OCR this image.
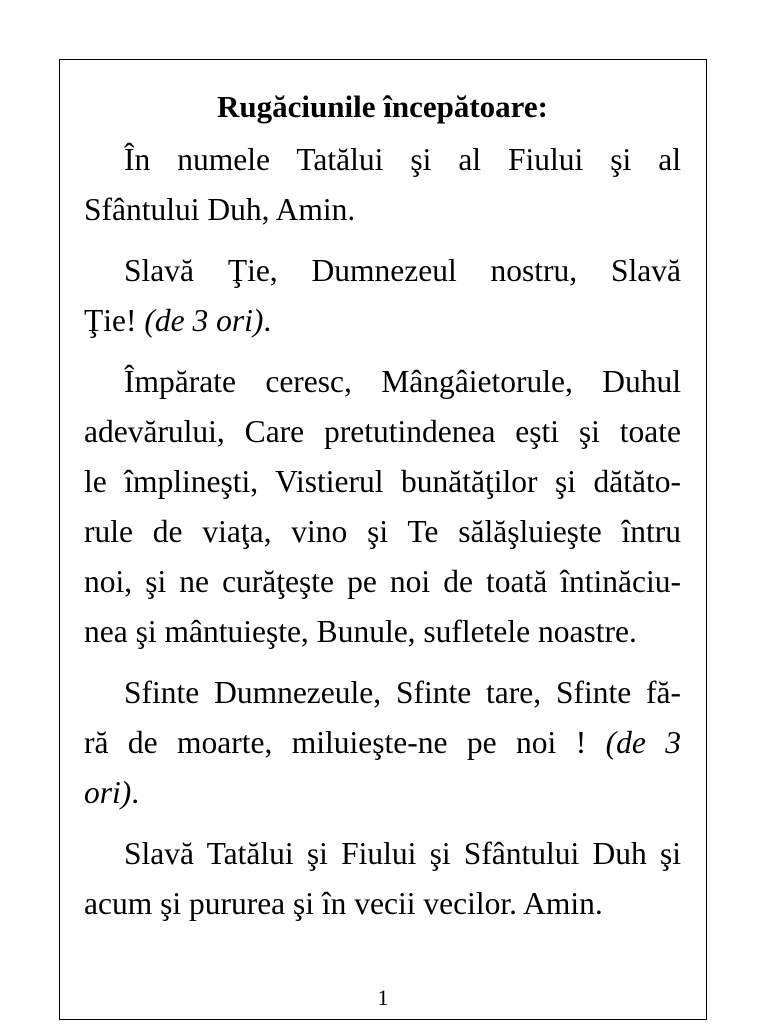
Rugăciunile începătoare:
În numele Tatălui şi al Fiului şi al
Sfântului Duh, Amin.
Slavă Ţie, Dumnezeul nostru, Slavă
Ţie! (de 3 ori).
Împărate ceresc, Mângâietorule, Duhul
adevărului, Care pretutindenea eşti şi toate
le împlineşti, Vistierul bunătăţilor şi dătăto-
rule de viaţa, vino şi Te sălăşluieşte întru
noi, şi ne curăţeşte pe noi de toată întinăciu-
nea şi mântuieşte, Bunule, sufletele noastre.
Sfinte Dumnezeule, Sfinte tare, Sfinte fă-
ră de moarte, miluieşte-ne pe noi ! (de 3
ori).
Slavă Tatălui şi Fiului şi Sfântului Duh şi
acum şi pururea şi în vecii vecilor. Amin.
1
